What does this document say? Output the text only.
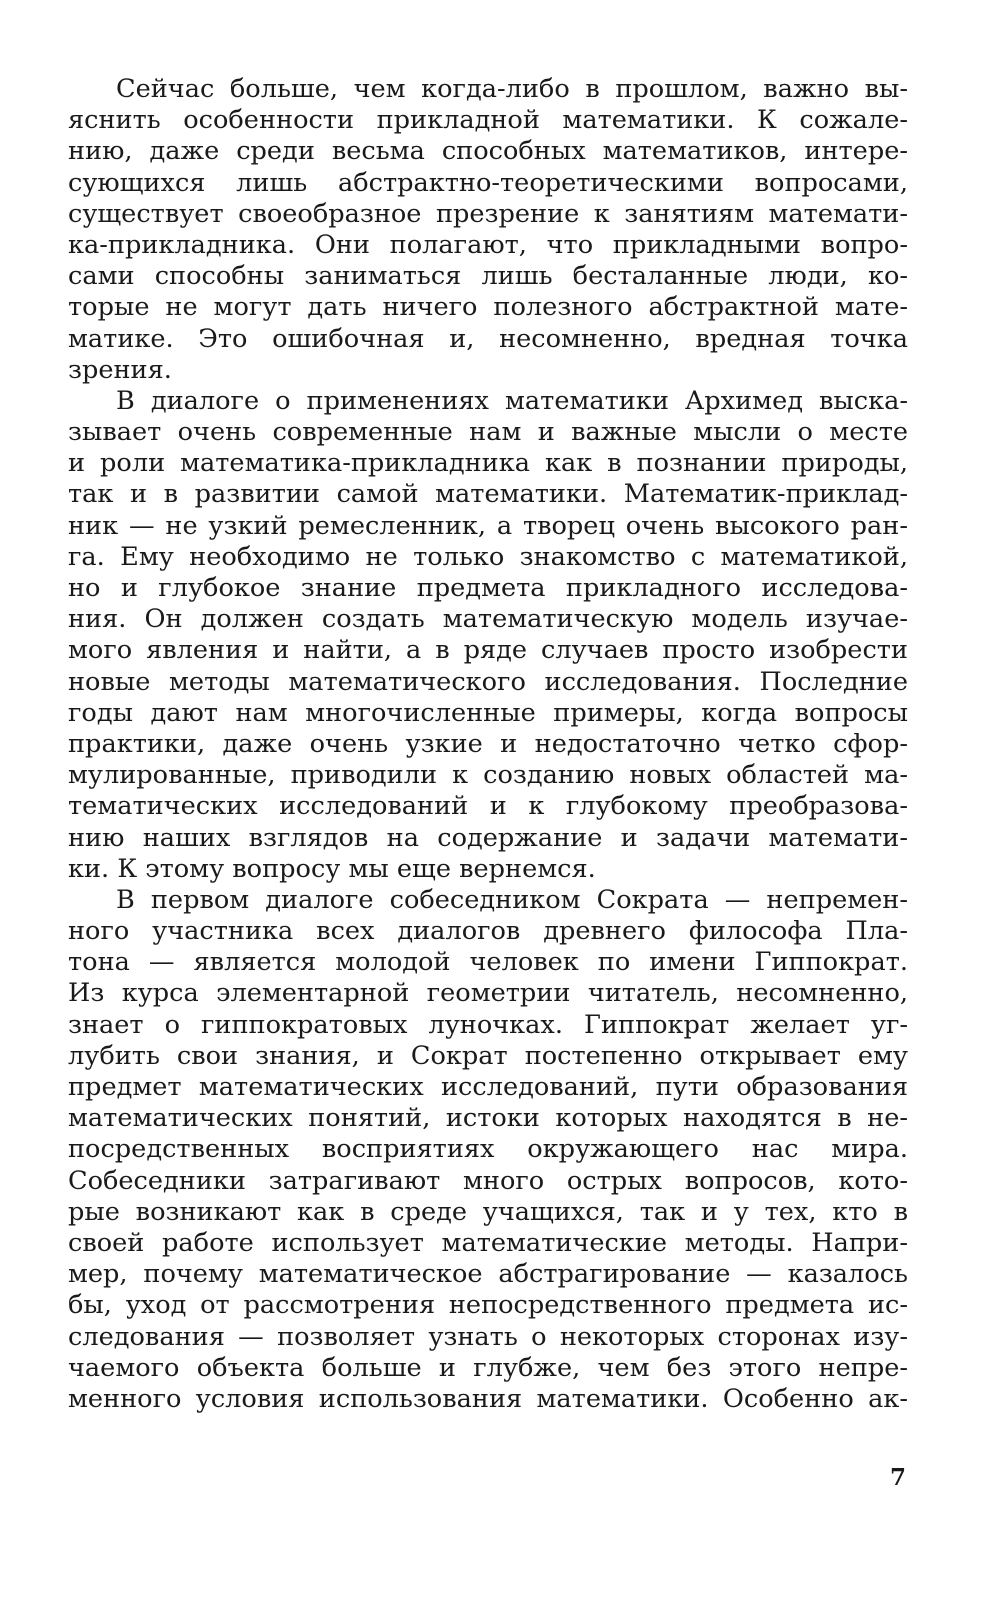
Сейчас больше, чем когда-либо в прошлом, важно вы-
яснить особенности прикладной математики. К сожале-
нию, даже среди весьма способных математиков, интере-
сующихся лишь абстрактно-теоретическими вопросами,
существует своеобразное презрение к занятиям математи-
ка-прикладника. Они полагают, что прикладными вопро-
сами способны заниматься лишь бесталанные люди, ко-
торые не могут дать ничего полезного абстрактной мате-
матике. Это ошибочная и, несомненно, вредная точка
зрения.
В диалоге о применениях математики Архимед выска-
зывает очень современные нам и важные мысли о месте
и роли математика-прикладника как в познании природы,
так и в развитии самой математики. Математик-приклад-
ник — не узкий ремесленник, а творец очень высокого ран-
га. Ему необходимо не только знакомство с математикой,
но и глубокое знание предмета прикладного исследова-
ния. Он должен создать математическую модель изучае-
мого явления и найти, а в ряде случаев просто изобрести
новые методы математического исследования. Последние
годы дают нам многочисленные примеры, когда вопросы
практики, даже очень узкие и недостаточно четко сфор-
мулированные, приводили к созданию новых областей ма-
тематических исследований и к глубокому преобразова-
нию наших взглядов на содержание и задачи математи-
ки. К этому вопросу мы еще вернемся.
В первом диалоге собеседником Сократа — непремен-
ного участника всех диалогов древнего философа Пла-
тона — является молодой человек по имени Гиппократ.
Из курса элементарной геометрии читатель, несомненно,
знает о гиппократовых луночках. Гиппократ желает уг-
лубить свои знания, и Сократ постепенно открывает ему
предмет математических исследований, пути образования
математических понятий, истоки которых находятся в не-
посредственных восприятиях окружающего нас мира.
Собеседники затрагивают много острых вопросов, кото-
рые возникают как в среде учащихся, так и у тех, кто в
своей работе использует математические методы. Напри-
мер, почему математическое абстрагирование — казалось
бы, уход от рассмотрения непосредственного предмета ис-
следования — позволяет узнать о некоторых сторонах изу-
чаемого объекта больше и глубже, чем без этого непре-
менного условия использования математики. Особенно ак-
7
